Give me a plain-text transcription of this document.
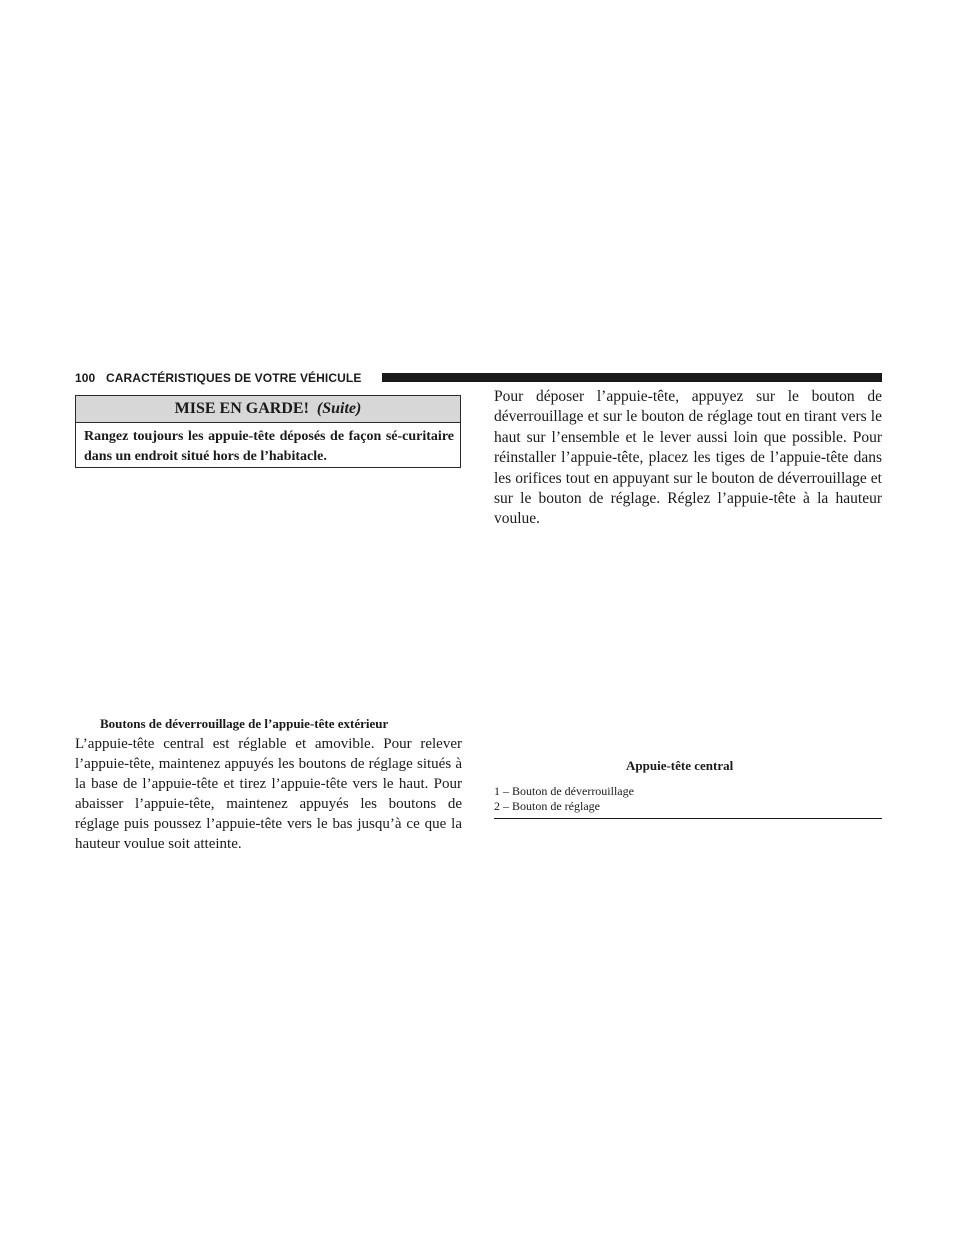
100 CARACTÉRISTIQUES DE VOTRE VÉHICULE
MISE EN GARDE! (Suite)
Rangez toujours les appuie-tête déposés de façon sé-curitaire dans un endroit situé hors de l’habitacle.
Boutons de déverrouillage de l’appuie-tête extérieur

L’appuie-tête central est réglable et amovible. Pour relever l’appuie-tête, maintenez appuyés les boutons de réglage situés à la base de l’appuie-tête et tirez l’appuie-tête vers le haut. Pour abaisser l’appuie-tête, maintenez appuyés les boutons de réglage puis poussez l’appuie-tête vers le bas jusqu’à ce que la hauteur voulue soit atteinte.

Pour déposer l’appuie-tête, appuyez sur le bouton de déverrouillage et sur le bouton de réglage tout en tirant vers le haut sur l’ensemble et le lever aussi loin que possible. Pour réinstaller l’appuie-tête, placez les tiges de l’appuie-tête dans les orifices tout en appuyant sur le bouton de déverrouillage et sur le bouton de réglage. Réglez l’appuie-tête à la hauteur voulue.

Appuie-tête central
1 – Bouton de déverrouillage
2 – Bouton de réglage
